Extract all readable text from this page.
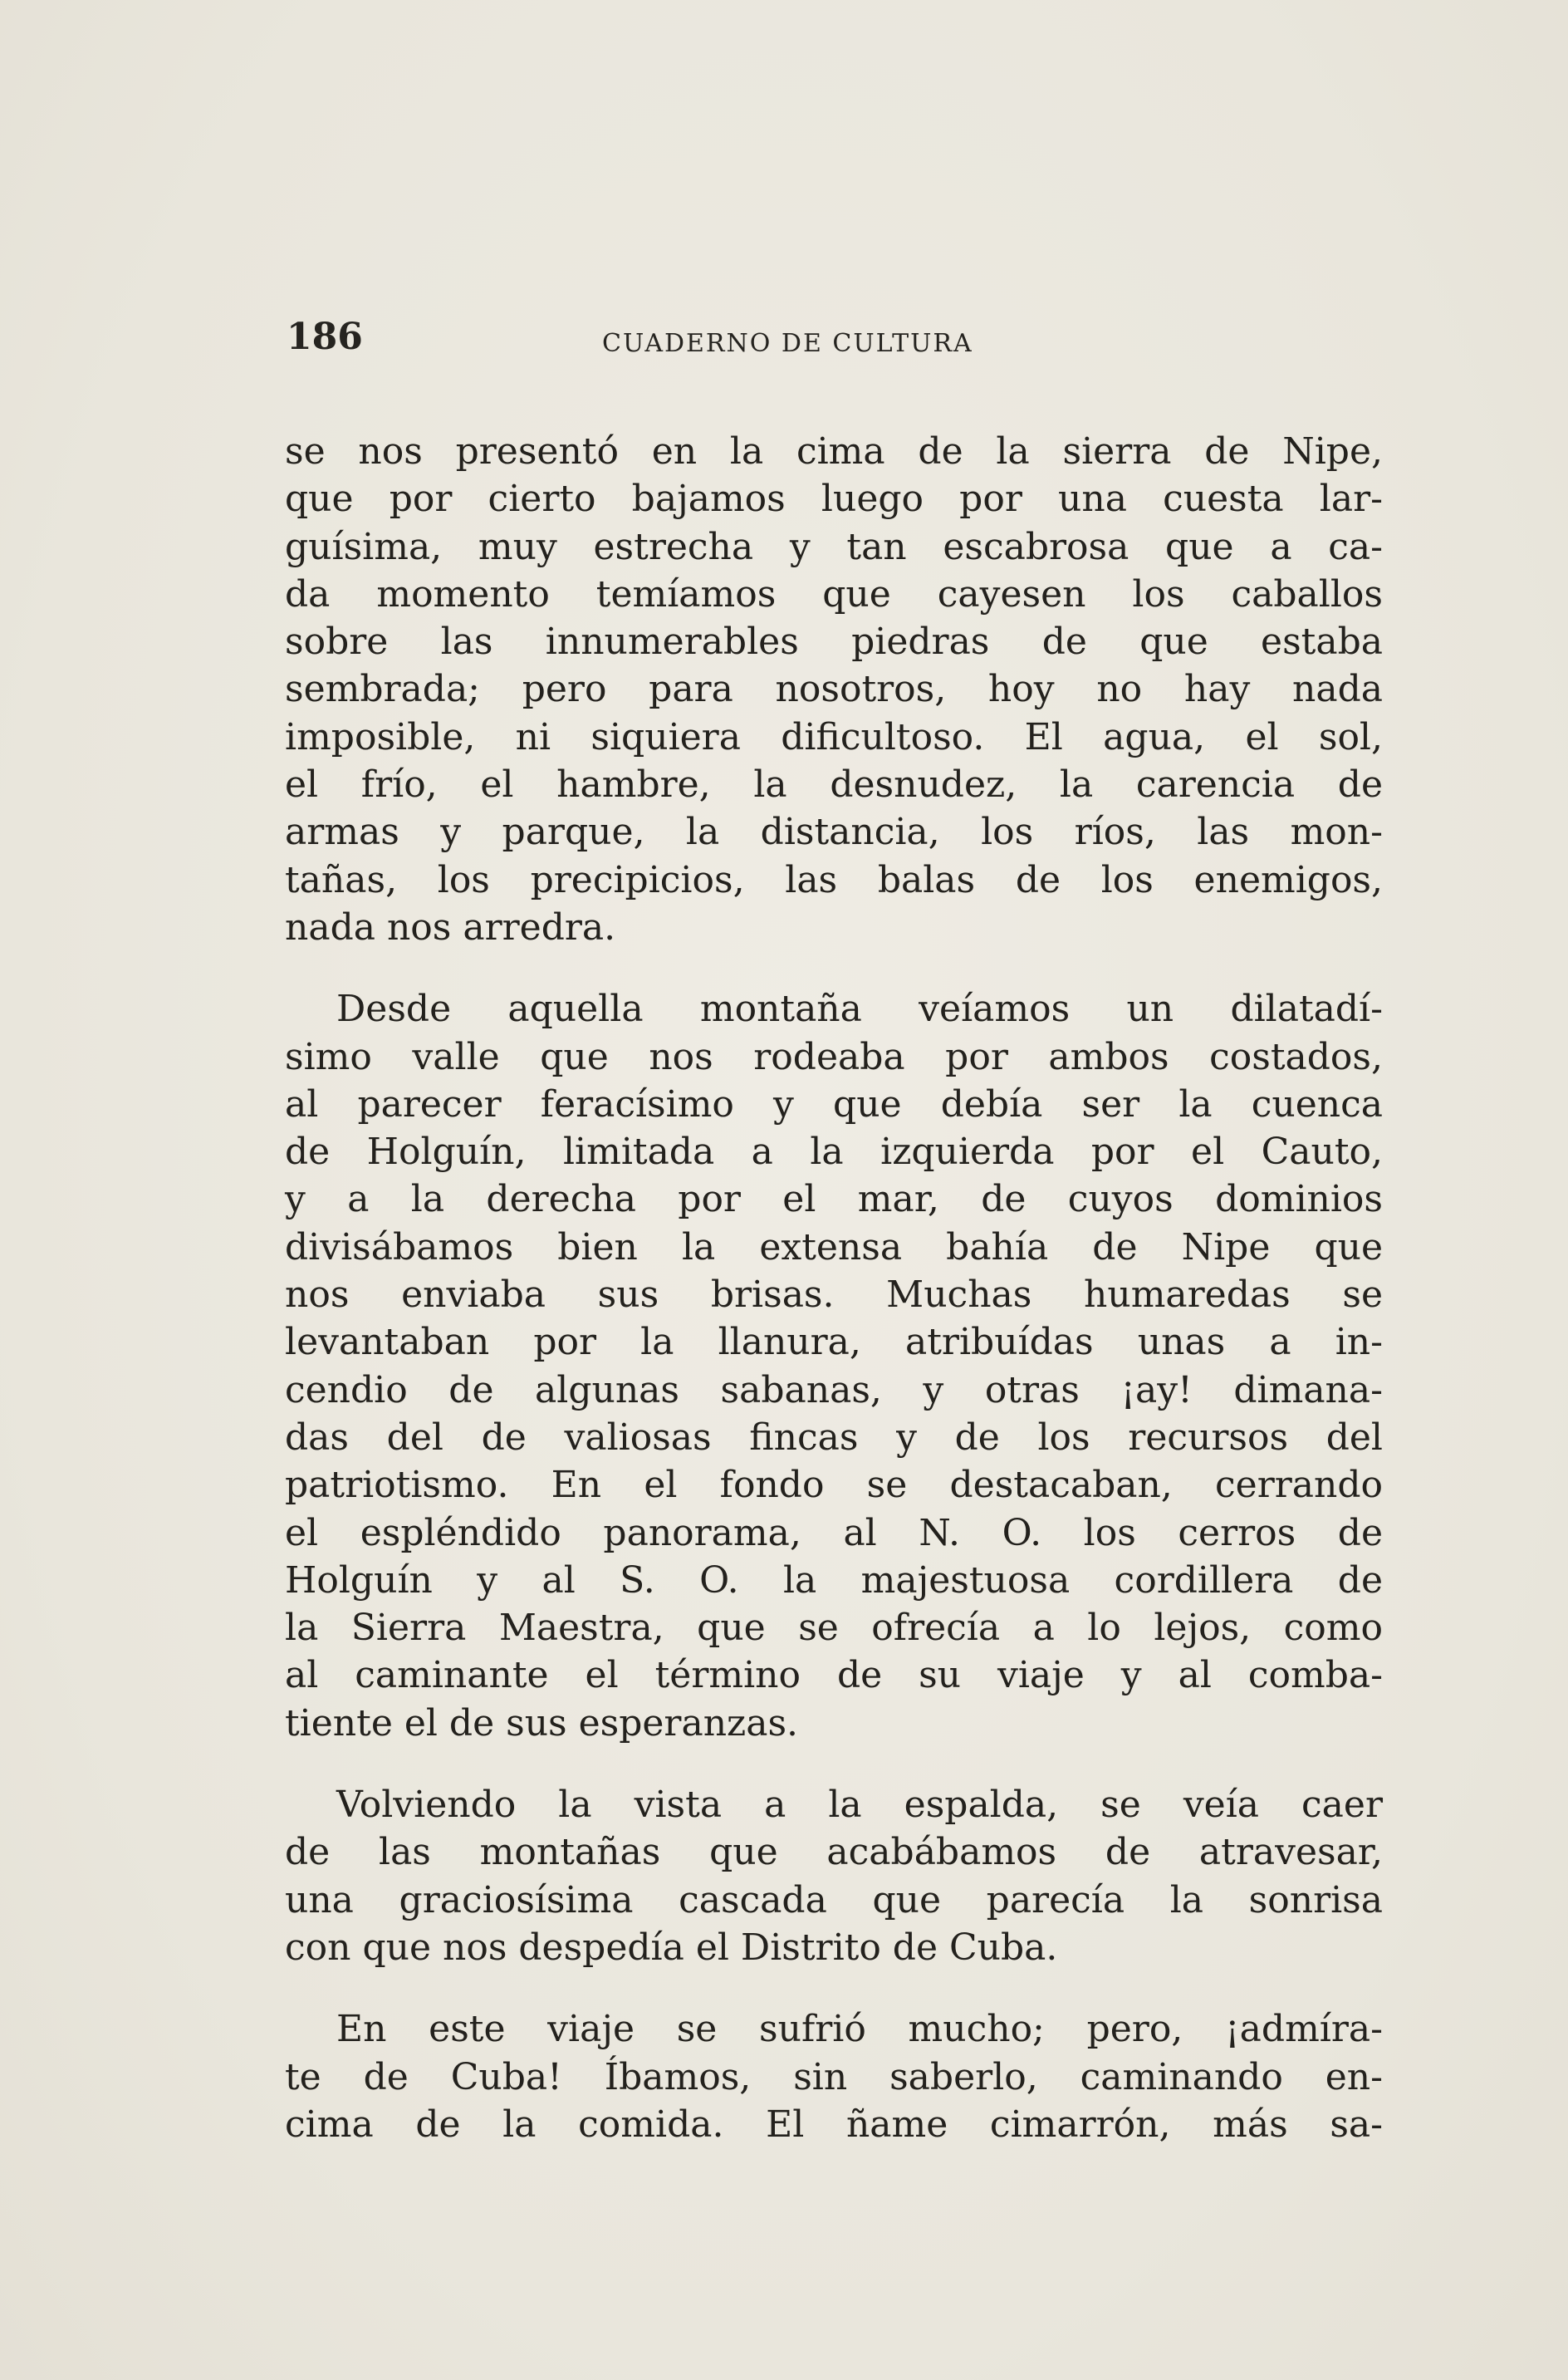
186	CUADERNO DE CULTURA
se nos presentó en la cima de la sierra de Nipe,
que por cierto bajamos luego por una cuesta lar-
guísima, muy estrecha y tan escabrosa que a ca-
da momento temíamos que cayesen los caballos
sobre las innumerables piedras de que estaba
sembrada; pero para nosotros, hoy no hay nada
imposible, ni siquiera dificultoso. El agua, el sol,
el frío, el hambre, la desnudez, la carencia de
armas y parque, la distancia, los ríos, las mon-
tañas, los precipicios, las balas de los enemigos,
nada nos arredra.
Desde aquella montaña veíamos un dilatadí-
simo valle que nos rodeaba por ambos costados,
al parecer feracísimo y que debía ser la cuenca
de Holguín, limitada a la izquierda por el Cauto,
y a la derecha por el mar, de cuyos dominios
divisábamos bien la extensa bahía de Nipe que
nos enviaba sus brisas. Muchas humaredas se
levantaban por la llanura, atribuídas unas a in-
cendio de algunas sabanas, y otras ¡ay! dimana-
das del de valiosas fincas y de los recursos del
patriotismo. En el fondo se destacaban, cerrando
el espléndido panorama, al N. O. los cerros de
Holguín y al S. O. la majestuosa cordillera de
la Sierra Maestra, que se ofrecía a lo lejos, como
al caminante el término de su viaje y al comba-
tiente el de sus esperanzas.
Volviendo la vista a la espalda, se veía caer
de las montañas que acabábamos de atravesar,
una graciosísima cascada que parecía la sonrisa
con que nos despedía el Distrito de Cuba.
En este viaje se sufrió mucho; pero, ¡admíra-
te de Cuba! Íbamos, sin saberlo, caminando en-
cima de la comida. El ñame cimarrón, más sa-
